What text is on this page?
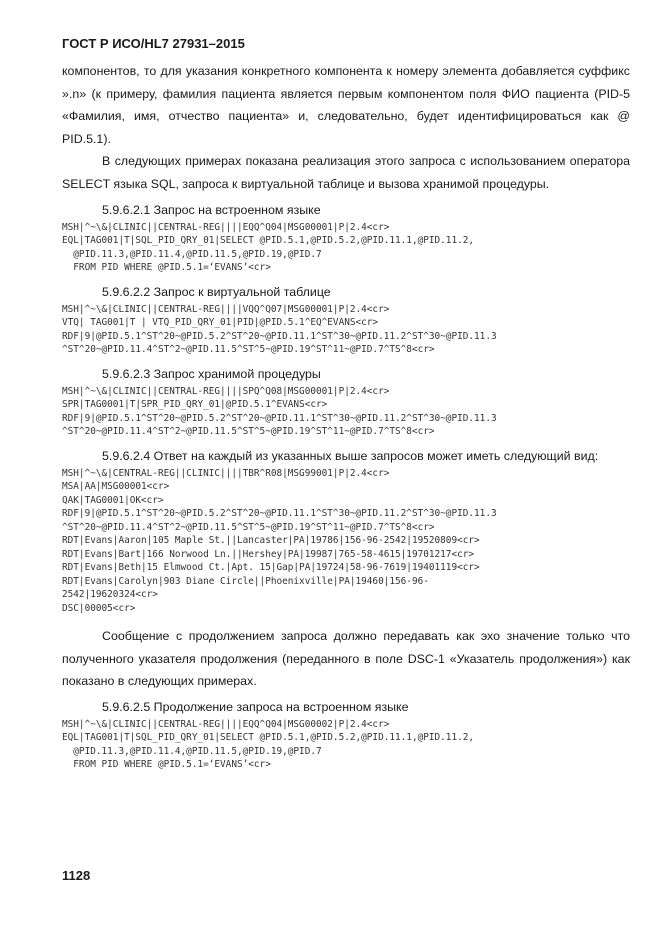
ГОСТ Р ИСО/HL7 27931–2015

компонентов, то для указания конкретного компонента к номеру элемента добавляется суффикс ».n» (к примеру, фамилия пациента является первым компонентом поля ФИО пациента (PID-5 «Фамилия, имя, отчество пациента» и, следовательно, будет идентифицироваться как @ PID.5.1).

В следующих примерах показана реализация этого запроса с использованием оператора SELECT языка SQL, запроса к виртуальной таблице и вызова хранимой процедуры.

5.9.6.2.1 Запрос на встроенном языке

MSH|^~\&|CLINIC||CENTRAL-REG||||EQQ^Q04|MSG00001|P|2.4<cr>
EQL|TAG001|T|SQL_PID_QRY_01|SELECT @PID.5.1,@PID.5.2,@PID.11.1,@PID.11.2,
@PID.11.3,@PID.11.4,@PID.11.5,@PID.19,@PID.7
FROM PID WHERE @PID.5.1=‘EVANS’<cr>

5.9.6.2.2 Запрос к виртуальной таблице

MSH|^~\&|CLINIC||CENTRAL-REG||||VQQ^Q07|MSG00001|P|2.4<cr>
VTQ| TAG001|T | VTQ_PID_QRY_01|PID|@PID.5.1^EQ^EVANS<cr>
RDF|9|@PID.5.1^ST^20~@PID.5.2^ST^20~@PID.11.1^ST^30~@PID.11.2^ST^30~@PID.11.3
^ST^20~@PID.11.4^ST^2~@PID.11.5^ST^5~@PID.19^ST^11~@PID.7^TS^8<cr>

5.9.6.2.3 Запрос хранимой процедуры

MSH|^~\&|CLINIC||CENTRAL-REG||||SPQ^Q08|MSG00001|P|2.4<cr>
SPR|TAG0001|T|SPR_PID_QRY_01|@PID.5.1^EVANS<cr>
RDF|9|@PID.5.1^ST^20~@PID.5.2^ST^20~@PID.11.1^ST^30~@PID.11.2^ST^30~@PID.11.3
^ST^20~@PID.11.4^ST^2~@PID.11.5^ST^5~@PID.19^ST^11~@PID.7^TS^8<cr>

5.9.6.2.4 Ответ на каждый из указанных выше запросов может иметь следующий вид:

MSH|^~\&|CENTRAL-REG||CLINIC||||TBR^R08|MSG99001|P|2.4<cr>
MSA|AA|MSG00001<cr>
QAK|TAG0001|OK<cr>
RDF|9|@PID.5.1^ST^20~@PID.5.2^ST^20~@PID.11.1^ST^30~@PID.11.2^ST^30~@PID.11.3
^ST^20~@PID.11.4^ST^2~@PID.11.5^ST^5~@PID.19^ST^11~@PID.7^TS^8<cr>
RDT|Evans|Aaron|105 Maple St.||Lancaster|PA|19786|156-96-2542|19520809<cr>
RDT|Evans|Bart|166 Norwood Ln.||Hershey|PA|19987|765-58-4615|19701217<cr>
RDT|Evans|Beth|15 Elmwood Ct.|Apt. 15|Gap|PA|19724|58-96-7619|19401119<cr>
RDT|Evans|Carolyn|903 Diane Circle||Phoenixville|PA|19460|156-96-
2542|19620324<cr>
DSC|00005<cr>

Сообщение с продолжением запроса должно передавать как эхо значение только что полученного указателя продолжения (переданного в поле DSC-1 «Указатель продолжения») как показано в следующих примерах.

5.9.6.2.5 Продолжение запроса на встроенном языке

MSH|^~\&|CLINIC||CENTRAL-REG||||EQQ^Q04|MSG00002|P|2.4<cr>
EQL|TAG001|T|SQL_PID_QRY_01|SELECT @PID.5.1,@PID.5.2,@PID.11.1,@PID.11.2,
@PID.11.3,@PID.11.4,@PID.11.5,@PID.19,@PID.7
FROM PID WHERE @PID.5.1=‘EVANS’<cr>
1128
